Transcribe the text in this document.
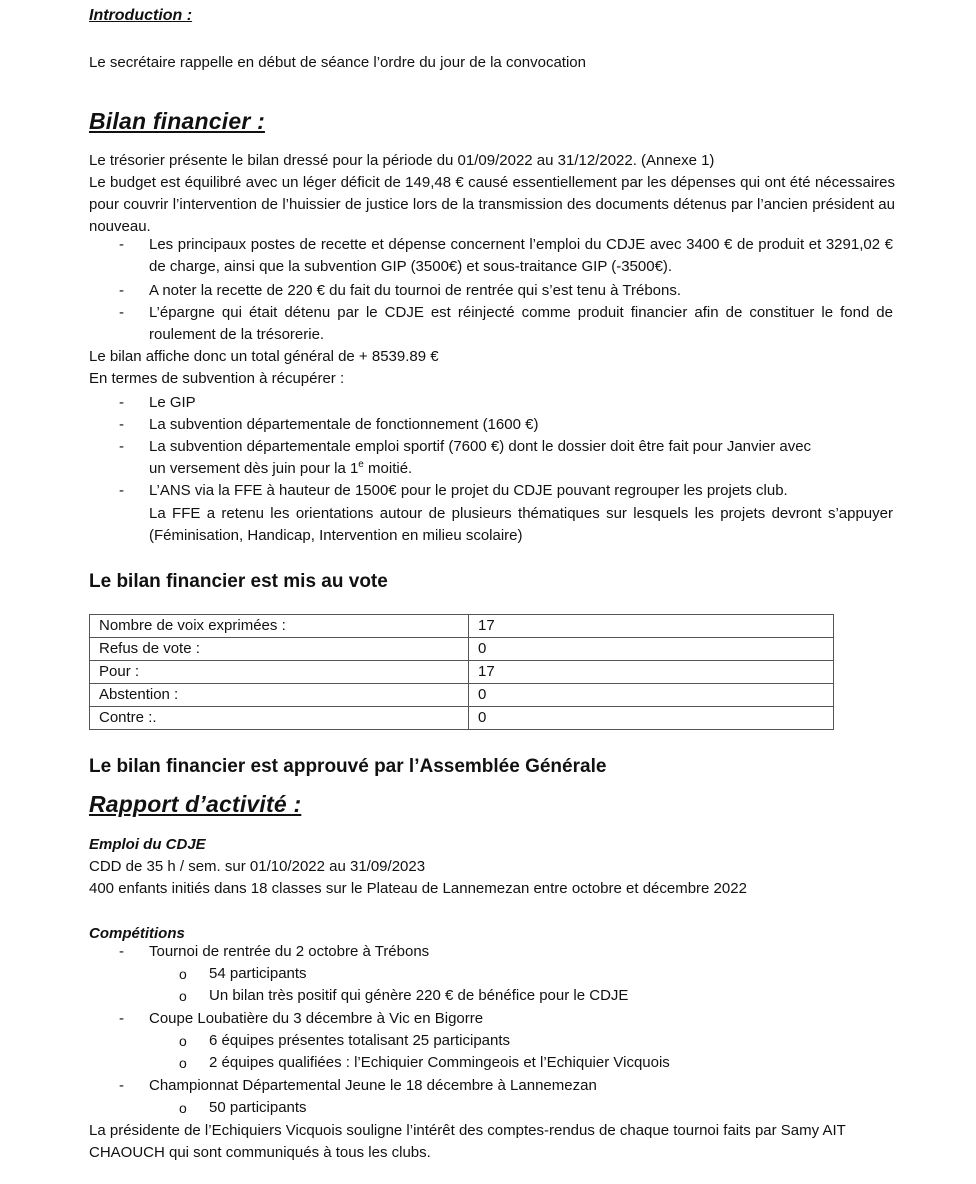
Introduction :
Le secrétaire rappelle en début de séance l’ordre du jour de la convocation
Bilan financier :
Le trésorier présente le bilan dressé pour la période du 01/09/2022 au 31/12/2022. (Annexe 1)
Le budget est équilibré avec un léger déficit de 149,48 € causé essentiellement par les dépenses qui ont été nécessaires pour couvrir l’intervention de l’huissier de justice lors de la transmission des documents détenus par l’ancien président au nouveau.
- Les principaux postes de recette et dépense concernent l’emploi du CDJE avec 3400 € de produit et 3291,02 € de charge, ainsi que la subvention GIP (3500€) et sous-traitance GIP (-3500€).
- A noter la recette de 220 € du fait du tournoi de rentrée qui s’est tenu à Trébons.
- L’épargne qui était détenu par le CDJE est réinjecté comme produit financier afin de constituer le fond de roulement de la trésorerie.
Le bilan affiche donc un total général de + 8539.89 €
En termes de subvention à récupérer :
- Le GIP
- La subvention départementale de fonctionnement (1600 €)
- La subvention départementale emploi sportif (7600 €) dont le dossier doit être fait pour Janvier avec
un versement dès juin pour la 1e moitié.
- L’ANS via la FFE à hauteur de 1500€ pour le projet du CDJE pouvant regrouper les projets club.
La FFE a retenu les orientations autour de plusieurs thématiques sur lesquels les projets devront s’appuyer (Féminisation, Handicap, Intervention en milieu scolaire)
Le bilan financier est mis au vote
Nombre de voix exprimées :	17
Refus de vote :	0
Pour :	17
Abstention :	0
Contre :.	0
Le bilan financier est approuvé par l’Assemblée Générale
Rapport d’activité :
Emploi du CDJE
CDD de 35 h / sem. sur 01/10/2022 au 31/09/2023
400 enfants initiés dans 18 classes sur le Plateau de Lannemezan entre octobre et décembre 2022
Compétitions
- Tournoi de rentrée du 2 octobre à Trébons
o 54 participants
o Un bilan très positif qui génère 220 € de bénéfice pour le CDJE
- Coupe Loubatière du 3 décembre à Vic en Bigorre
o 6 équipes présentes totalisant 25 participants
o 2 équipes qualifiées : l’Echiquier Commingeois et l’Echiquier Vicquois
- Championnat Départemental Jeune le 18 décembre à Lannemezan
o 50 participants
La présidente de l’Echiquiers Vicquois souligne l’intérêt des comptes-rendus de chaque tournoi faits par Samy AIT CHAOUCH qui sont communiqués à tous les clubs.
